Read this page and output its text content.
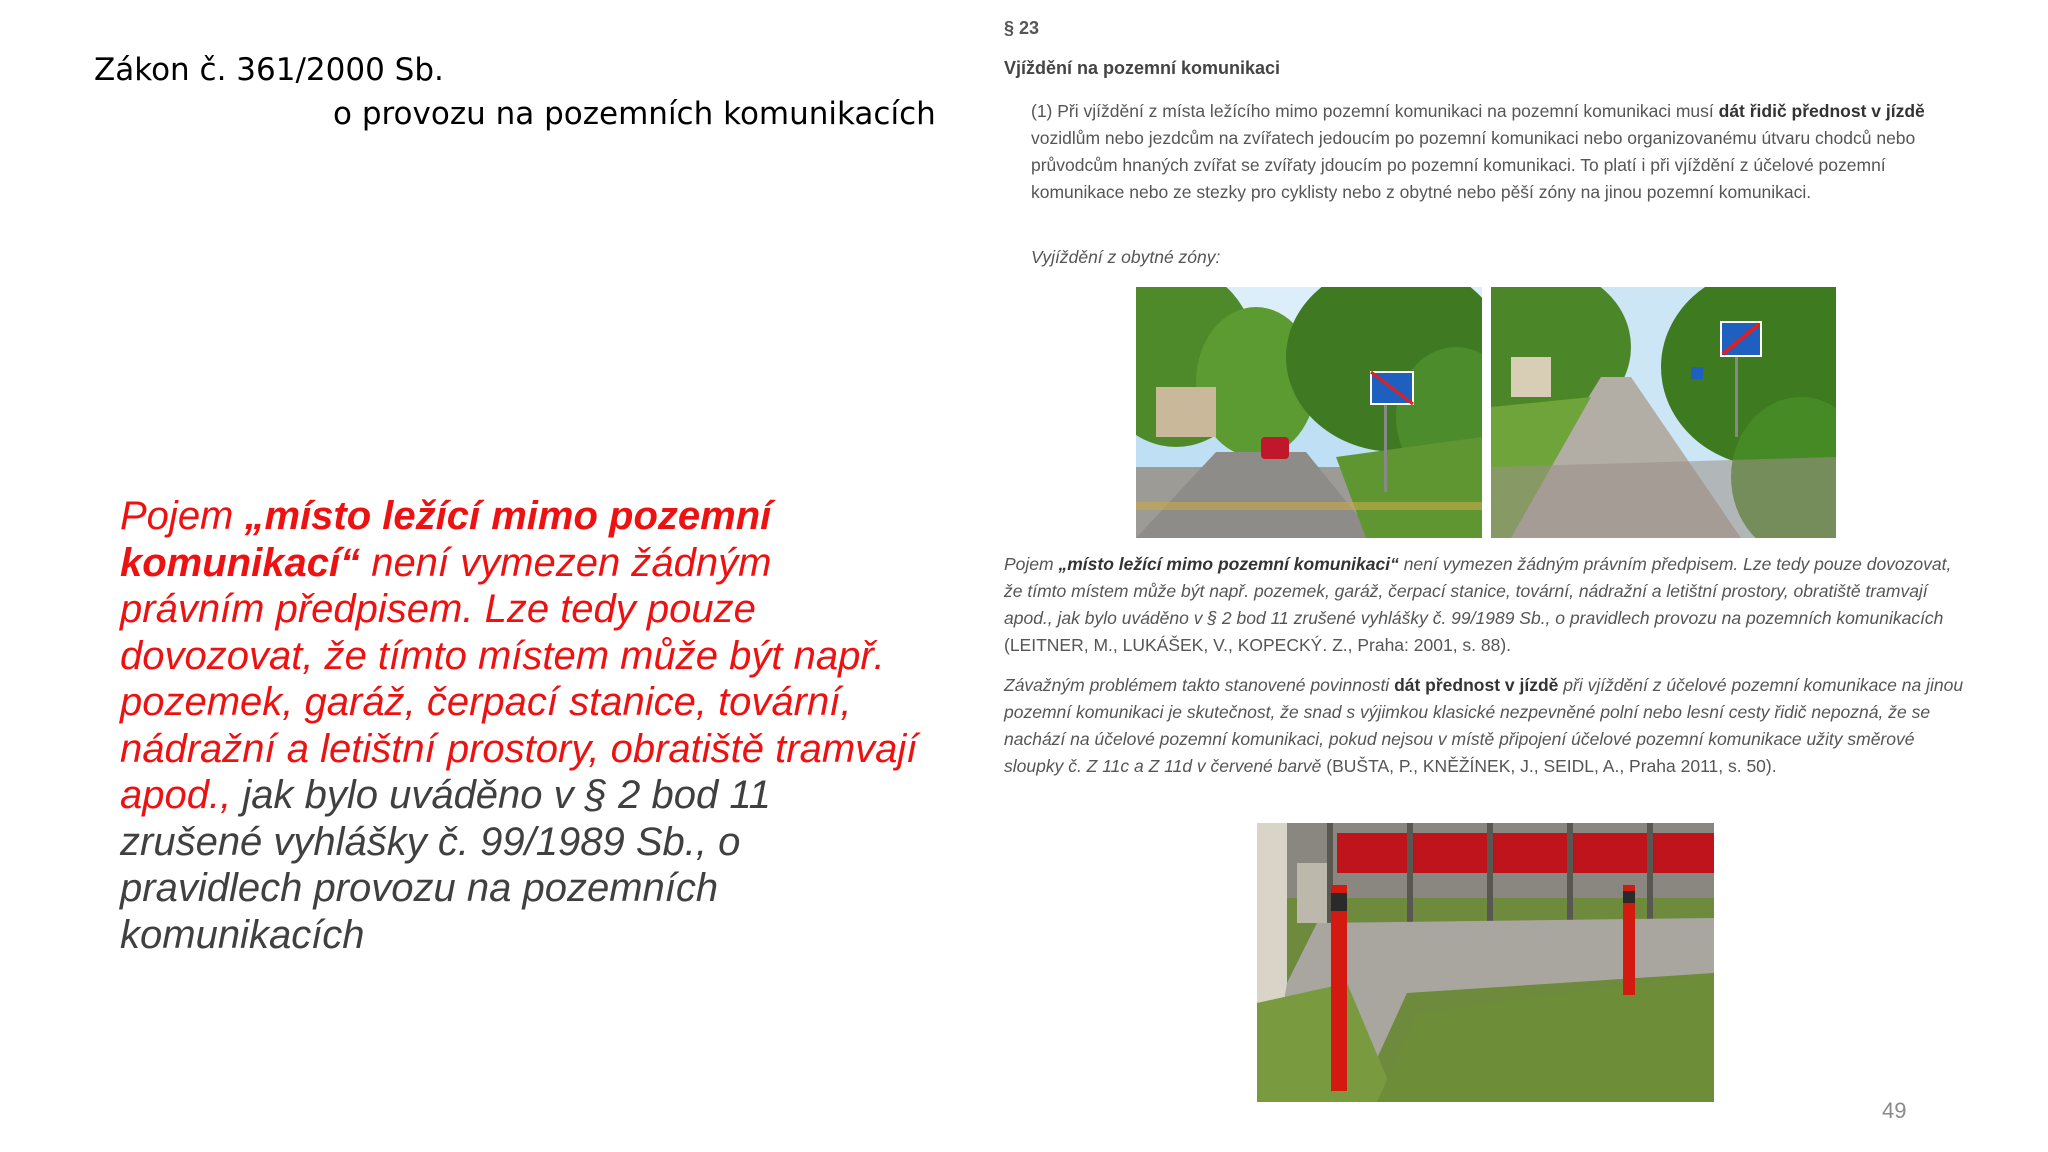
Zákon č. 361/2000 Sb.
o provozu na pozemních komunikacích
Pojem „místo ležící mimo pozemní komunikací“ není vymezen žádným právním předpisem. Lze tedy pouze dovozovat, že tímto místem může být např. pozemek, garáž, čerpací stanice, tovární, nádražní a letištní prostory, obratiště tramvají apod., jak bylo uváděno v § 2 bod 11 zrušené vyhlášky č. 99/1989 Sb., o pravidlech provozu na pozemních komunikacích
§ 23
Vjíždění na pozemní komunikaci
(1) Při vjíždění z místa ležícího mimo pozemní komunikaci na pozemní komunikaci musí dát řidič přednost v jízdě vozidlům nebo jezdcům na zvířatech jedoucím po pozemní komunikaci nebo organizovanému útvaru chodců nebo průvodcům hnaných zvířat se zvířaty jdoucím po pozemní komunikaci. To platí i při vjíždění z účelové pozemní komunikace nebo ze stezky pro cyklisty nebo z obytné nebo pěší zóny na jinou pozemní komunikaci.
Vyjíždění z obytné zóny:
Pojem „místo ležící mimo pozemní komunikaci“ není vymezen žádným právním předpisem. Lze tedy pouze dovozovat, že tímto místem může být např. pozemek, garáž, čerpací stanice, tovární, nádražní a letištní prostory, obratiště tramvají apod., jak bylo uváděno v § 2 bod 11 zrušené vyhlášky č. 99/1989 Sb., o pravidlech provozu na pozemních komunikacích (LEITNER, M., LUKÁŠEK, V., KOPECKÝ. Z., Praha: 2001, s. 88).
Závažným problémem takto stanovené povinnosti dát přednost v jízdě při vjíždění z účelové pozemní komunikace na jinou pozemní komunikaci je skutečnost, že snad s výjimkou klasické nezpevněné polní nebo lesní cesty řidič nepozná, že se nachází na účelové pozemní komunikaci, pokud nejsou v místě připojení účelové pozemní komunikace užity směrové sloupky č. Z 11c a Z 11d v červené barvě (BUŠTA, P., KNĚŽÍNEK, J., SEIDL, A., Praha 2011, s. 50).
49
